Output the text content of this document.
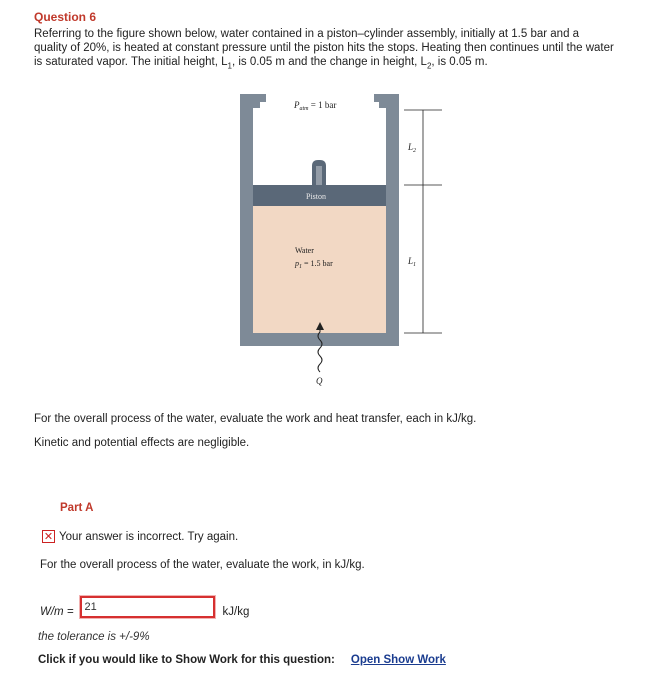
Question 6
Referring to the figure shown below, water contained in a piston–cylinder assembly, initially at 1.5 bar and a quality of 20%, is heated at constant pressure until the piston hits the stops. Heating then continues until the water is saturated vapor. The initial height, $L_1$, is 0.05 m and the change in height, $L_2$, is 0.05 m.
$P_{atm} = 1$ bar
Piston
Water
$p_1 = 1.5$ bar
$L_2$
$L_1$
Q
For the overall process of the water, evaluate the work and heat transfer, each in kJ/kg.
Kinetic and potential effects are negligible.
Part A
✕ Your answer is incorrect. Try again.
For the overall process of the water, evaluate the work, in kJ/kg.
W/m =
21	kJ/kg
the tolerance is +/-9%
Click if you would like to Show Work for this question: Open Show Work
